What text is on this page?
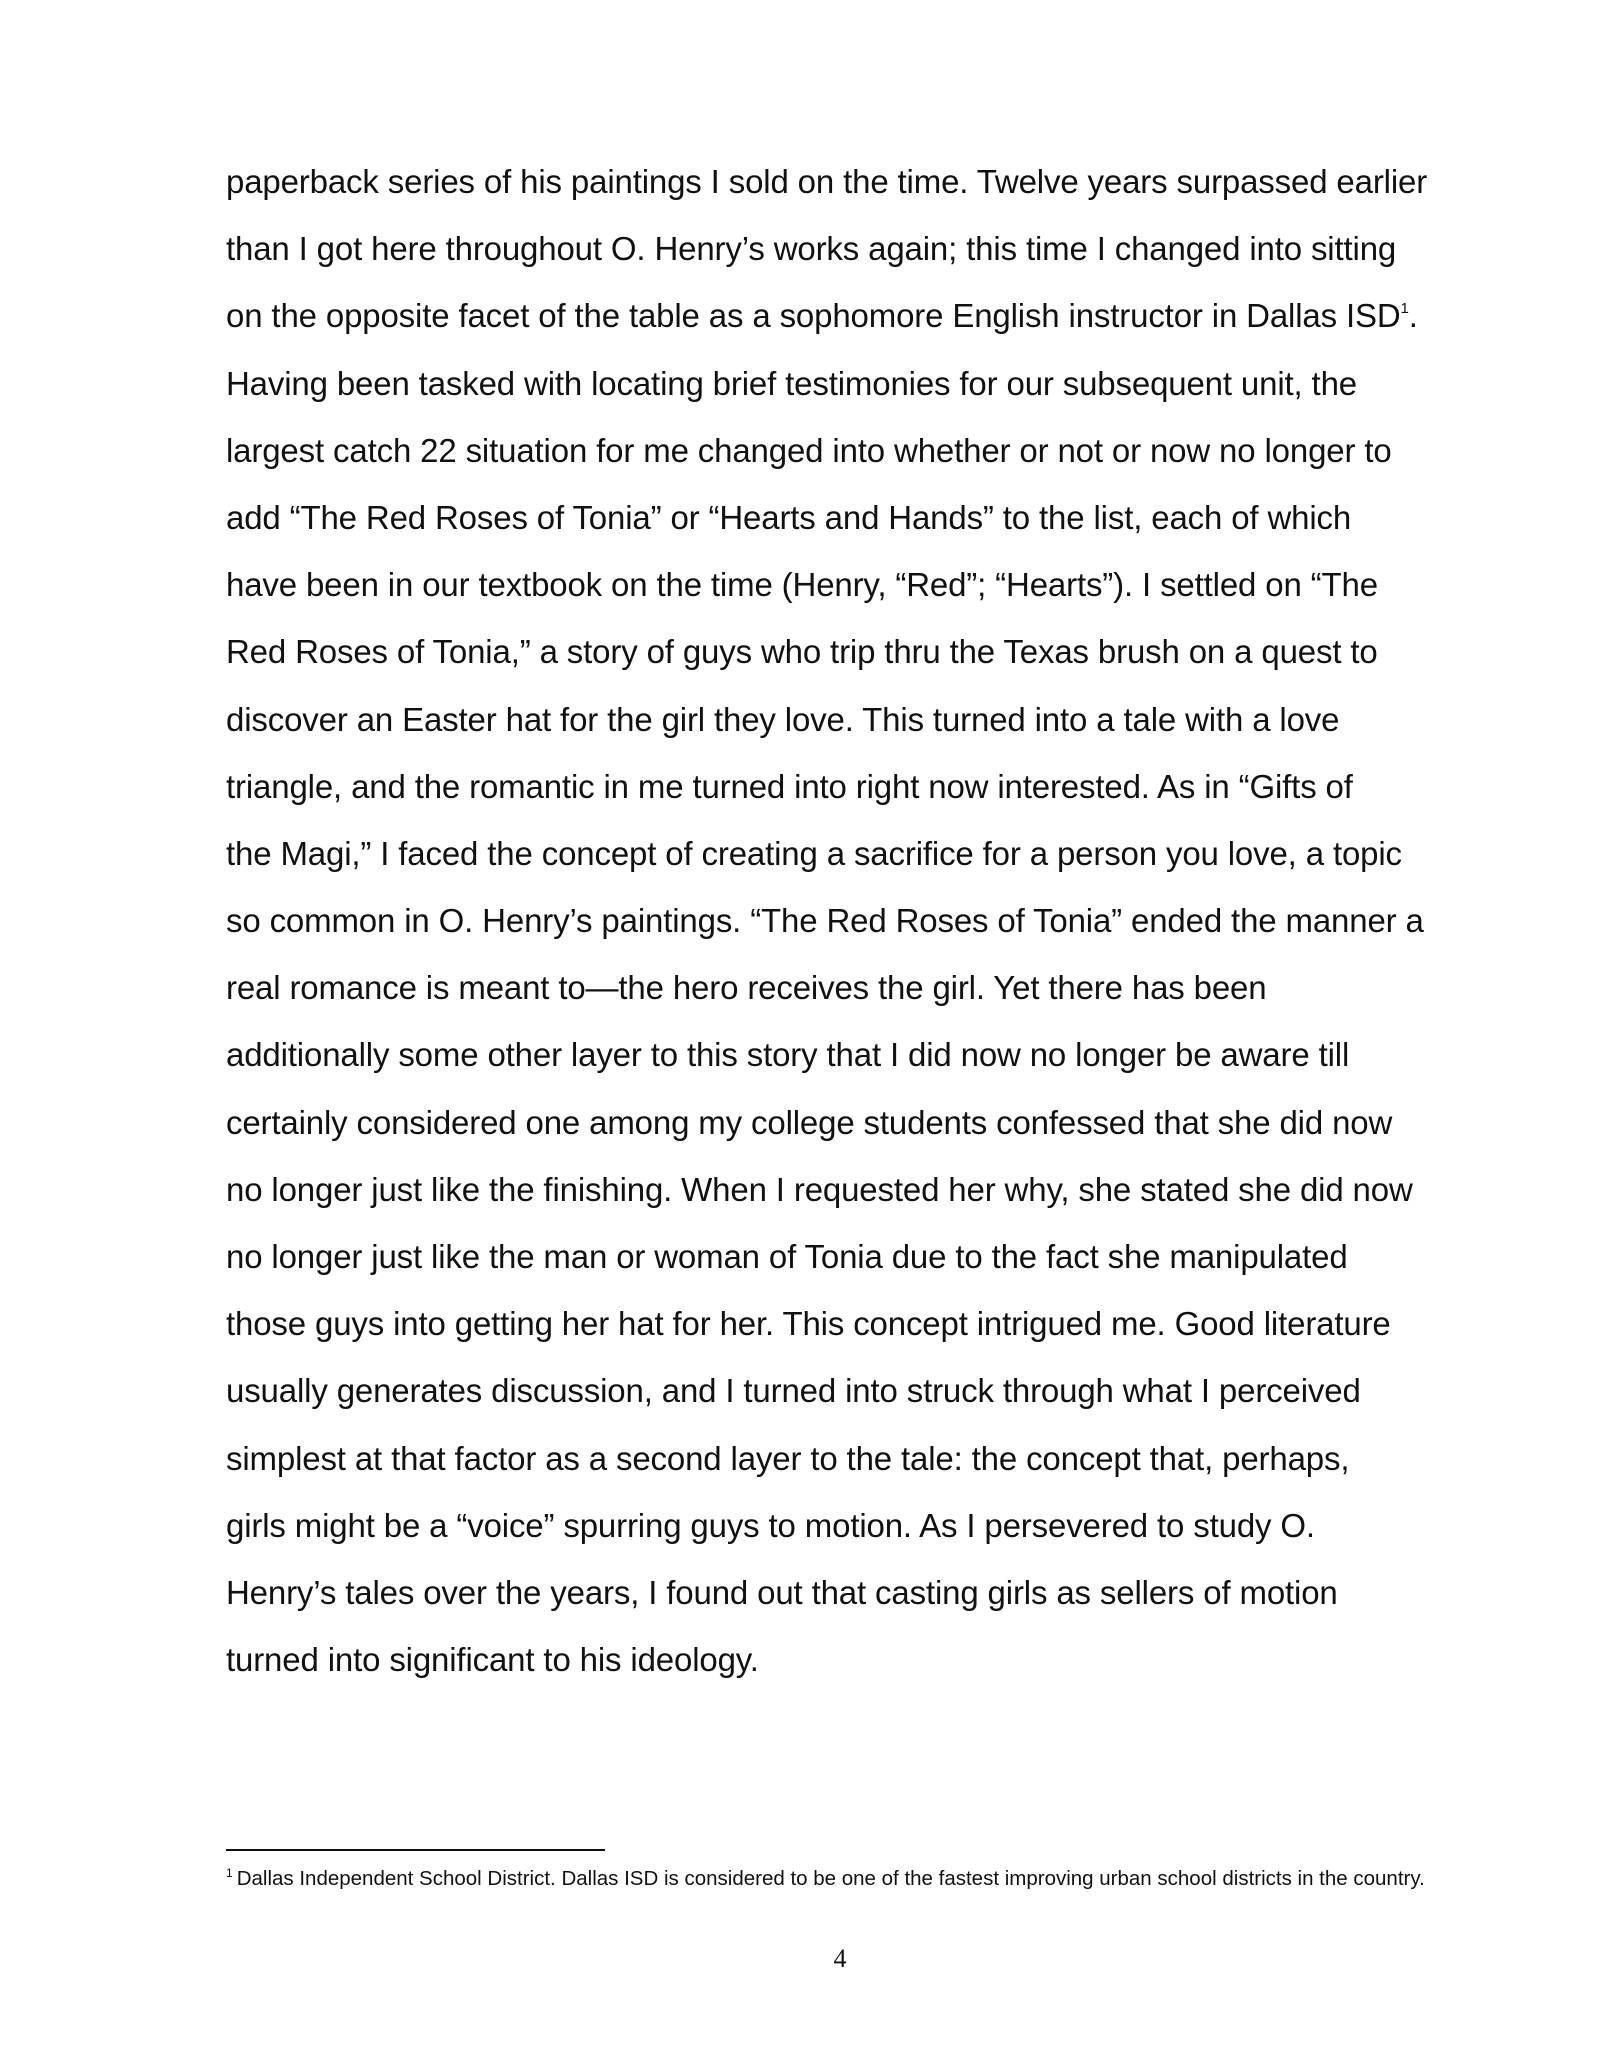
paperback series of his paintings I sold on the time. Twelve years surpassed earlier
than I got here throughout O. Henry’s works again; this time I changed into sitting
on the opposite facet of the table as a sophomore English instructor in Dallas ISD$^1$.
Having been tasked with locating brief testimonies for our subsequent unit, the
largest catch 22 situation for me changed into whether or not or now no longer to
add “The Red Roses of Tonia” or “Hearts and Hands” to the list, each of which
have been in our textbook on the time (Henry, “Red”; “Hearts”). I settled on “The
Red Roses of Tonia,” a story of guys who trip thru the Texas brush on a quest to
discover an Easter hat for the girl they love. This turned into a tale with a love
triangle, and the romantic in me turned into right now interested. As in “Gifts of
the Magi,” I faced the concept of creating a sacrifice for a person you love, a topic
so common in O. Henry’s paintings. “The Red Roses of Tonia” ended the manner a
real romance is meant to—the hero receives the girl. Yet there has been
additionally some other layer to this story that I did now no longer be aware till
certainly considered one among my college students confessed that she did now
no longer just like the finishing. When I requested her why, she stated she did now
no longer just like the man or woman of Tonia due to the fact she manipulated
those guys into getting her hat for her. This concept intrigued me. Good literature
usually generates discussion, and I turned into struck through what I perceived
simplest at that factor as a second layer to the tale: the concept that, perhaps,
girls might be a “voice” spurring guys to motion. As I persevered to study O.
Henry’s tales over the years, I found out that casting girls as sellers of motion
turned into significant to his ideology.

$^1$ Dallas Independent School District. Dallas ISD is considered to be one of the fastest improving urban school districts in the country.

4
